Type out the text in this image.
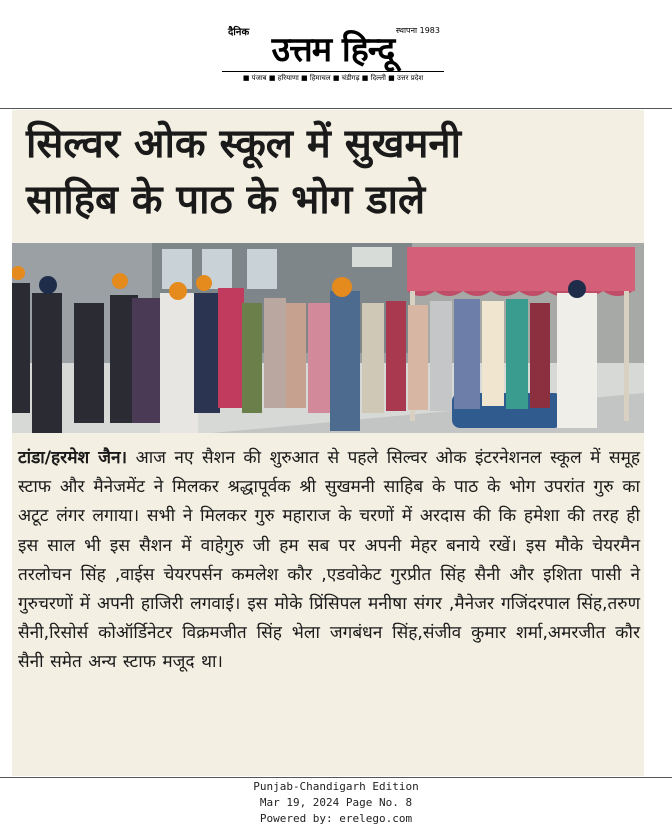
दैनिक	स्थापना 1983
उत्तम हिन्दू
■ पंजाब ■ हरियाणा ■ हिमाचल ■ चंडीगढ़ ■ दिल्ली ■ उत्तर प्रदेश
सिल्वर ओक स्कूल में सुखमनी
साहिब के पाठ के भोग डाले
टांडा/हरमेश जैन। आज नए सैशन की शुरुआत से पहले सिल्वर ओक इंटरनेशनल स्कूल में समूह स्टाफ और मैनेजमेंट ने मिलकर श्रद्धापूर्वक श्री सुखमनी साहिब के पाठ के भोग उपरांत गुरु का अटूट लंगर लगाया। सभी ने मिलकर गुरु महाराज के चरणों में अरदास की कि हमेशा की तरह ही इस साल भी इस सैशन में वाहेगुरु जी हम सब पर अपनी मेहर बनाये रखें। इस मौके चेयरमैन तरलोचन सिंह ,वाईस चेयरपर्सन कमलेश कौर ,एडवोकेट गुरप्रीत सिंह सैनी और इशिता पासी ने गुरुचरणों में अपनी हाजिरी लगवाई। इस मोके प्रिंसिपल मनीषा संगर ,मैनेजर गजिंदरपाल सिंह,तरुण सैनी,रिसोर्स कोऑर्डिनेटर विक्रमजीत सिंह भेला जगबंधन सिंह,संजीव कुमार शर्मा,अमरजीत कौर सैनी समेत अन्य स्टाफ मजूद था।
Punjab-Chandigarh Edition
Mar 19, 2024 Page No. 8
Powered by: erelego.com
